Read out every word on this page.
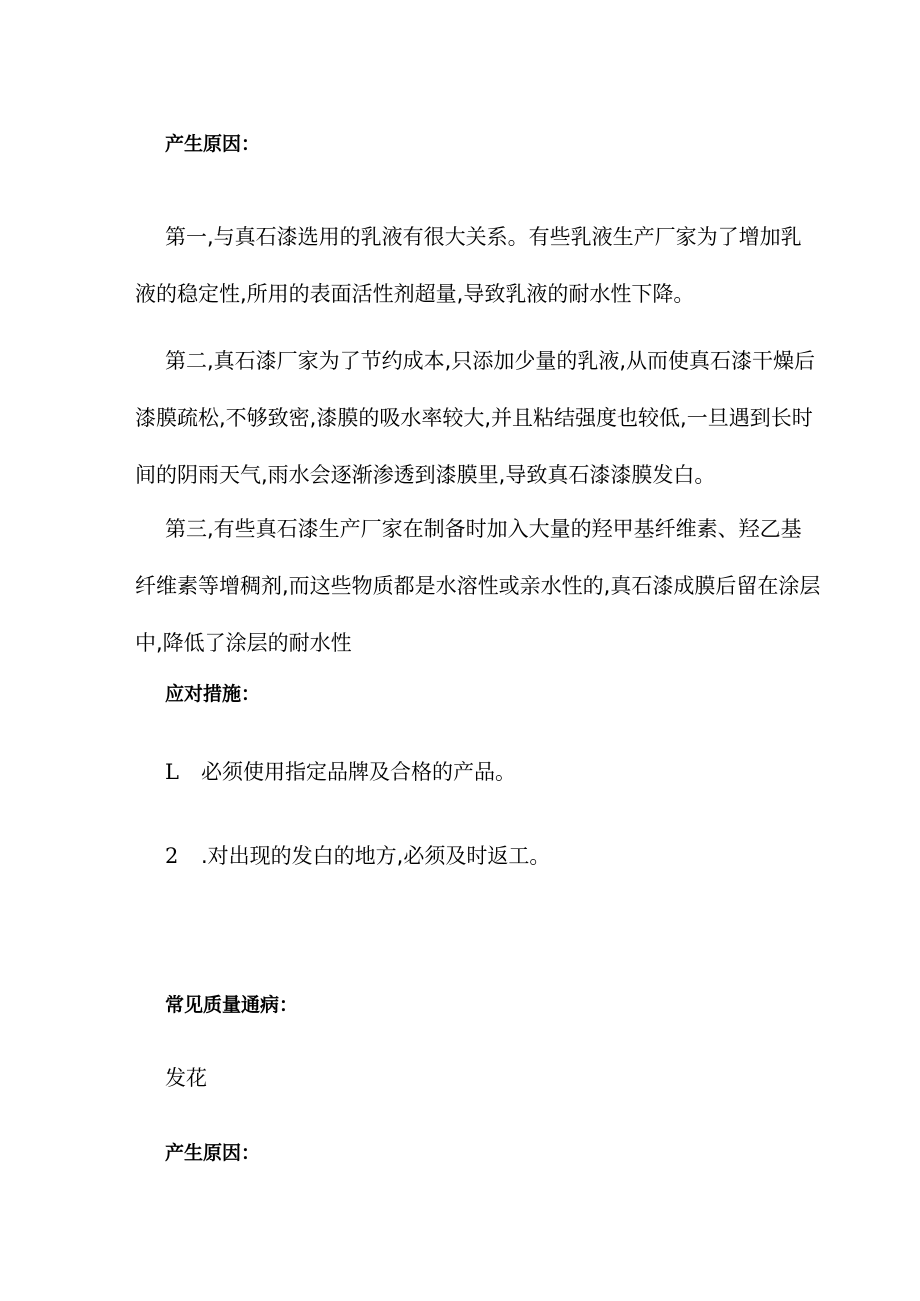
产生原因：
第一,与真石漆选用的乳液有很大关系。有些乳液生产厂家为了增加乳
液的稳定性,所用的表面活性剂超量,导致乳液的耐水性下降。
第二,真石漆厂家为了节约成本,只添加少量的乳液,从而使真石漆干燥后
漆膜疏松,不够致密,漆膜的吸水率较大,并且粘结强度也较低,一旦遇到长时
间的阴雨天气,雨水会逐渐渗透到漆膜里,导致真石漆漆膜发白。
第三,有些真石漆生产厂家在制备时加入大量的羟甲基纤维素、羟乙基
纤维素等增稠剂,而这些物质都是水溶性或亲水性的,真石漆成膜后留在涂层
中,降低了涂层的耐水性
应对措施：
L 必须使用指定品牌及合格的产品。
2 .对出现的发白的地方,必须及时返工。
常见质量通病：
发花
产生原因：
